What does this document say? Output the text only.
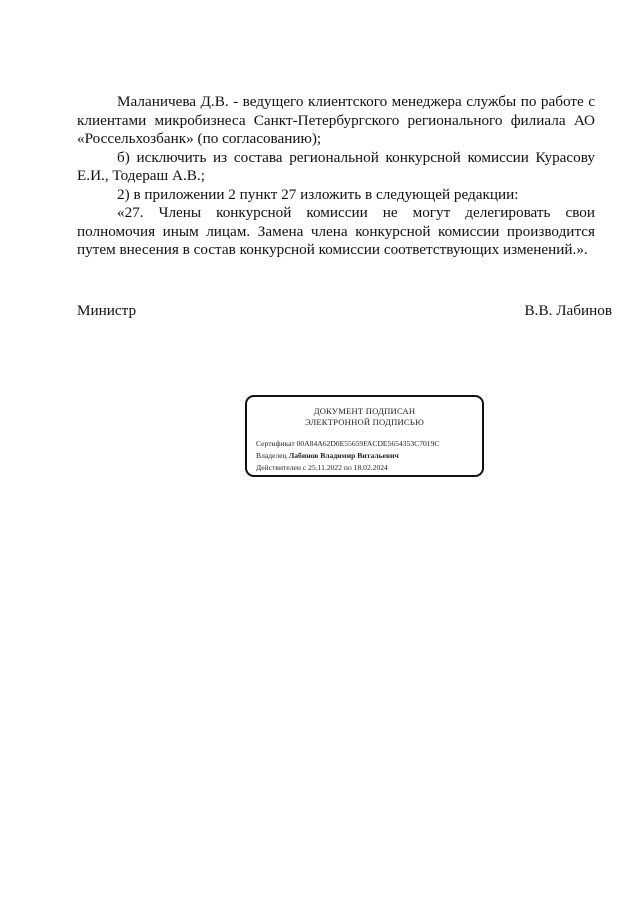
Маланичева Д.В. - ведущего клиентского менеджера службы по работе с клиентами микробизнеса Санкт-Петербургского регионального филиала АО «Россельхозбанк» (по согласованию);

б) исключить из состава региональной конкурсной комиссии Курасову Е.И., Тодераш А.В.;

2) в приложении 2 пункт 27 изложить в следующей редакции:

«27. Члены конкурсной комиссии не могут делегировать свои полномочия иным лицам. Замена члена конкурсной комиссии производится путем внесения в состав конкурсной комиссии соответствующих изменений.».

Министр	В.В. Лабинов
ДОКУМЕНТ ПОДПИСАН
ЭЛЕКТРОННОЙ ПОДПИСЬЮ
Сертификат 00A84A62D0E55659FACDE5654353C7019C
Владелец Лабинов Владимир Витальевич
Действителен с 25.11.2022 по 18.02.2024
